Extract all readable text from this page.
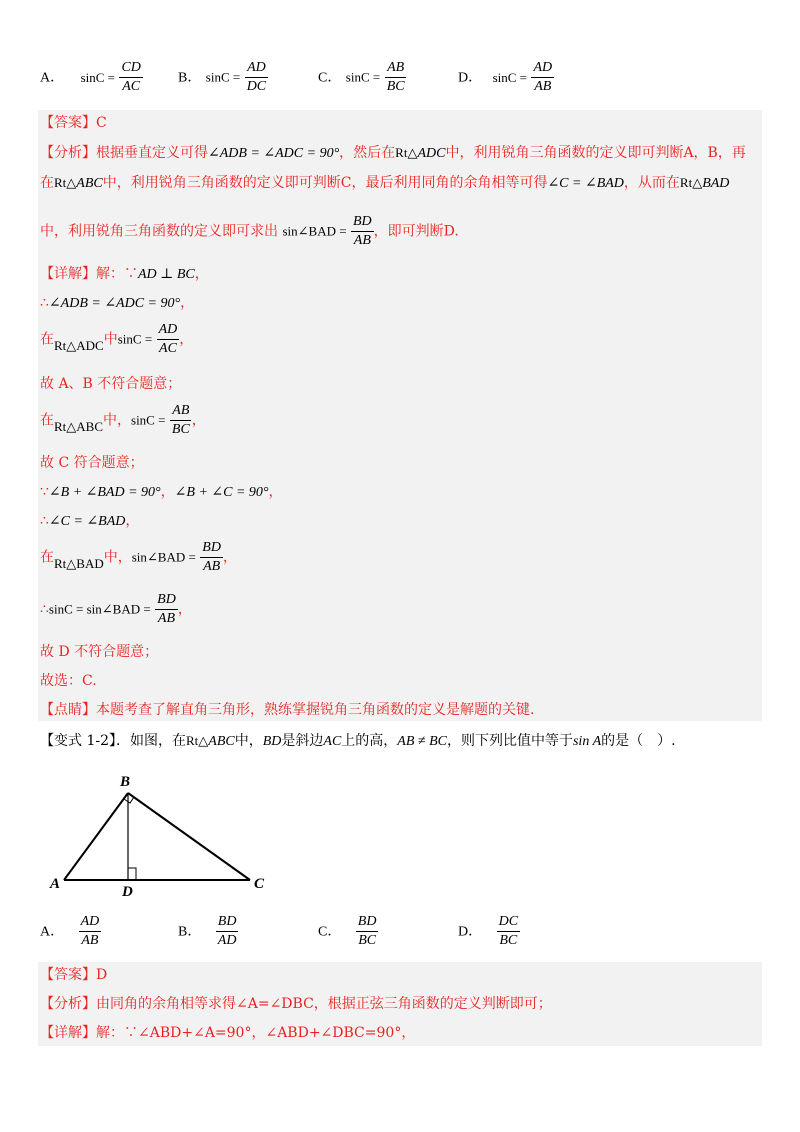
A． $\sin C = \frac{CD}{AC}$	B． $\sin C = \frac{AD}{DC}$	C． $\sin C = \frac{AB}{BC}$	D． $\sin C = \frac{AD}{AB}$
【答案】C
【分析】根据垂直定义可得∠ADB = ∠ADC = 90°，然后在Rt△ADC中，利用锐角三角函数的定义即可判断A，B，再
在Rt△ABC中，利用锐角三角函数的定义即可判断C，最后利用同角的余角相等可得∠C = ∠BAD，从而在Rt△BAD
中，利用锐角三角函数的定义即可求出 sin∠BAD = $\frac{BD}{AB}$ ，即可判断D.
【详解】解：∵AD ⊥ BC，
∴∠ADB = ∠ADC = 90°，
在Rt△ADC中$\sin C = \frac{AD}{AC}$ ，
故 A、B 不符合题意；
在Rt△ABC中，$\sin C = \frac{AB}{BC}$ ，
故 C 符合题意；
∵∠B + ∠BAD = 90°，∠B + ∠C = 90°，
∴∠C = ∠BAD，
在Rt△BAD中，sin∠BAD = $\frac{BD}{AB}$ ，
∴sinC = sin∠BAD = $\frac{BD}{AB}$ ，
故 D 不符合题意；
故选：C.
【点睛】本题考查了解直角三角形，熟练掌握锐角三角函数的定义是解题的关键.
【变式 1-2】．如图，在Rt△ABC中，BD是斜边AC上的高，AB ≠ BC，则下列比值中等于sin A的是（　）.
B
A	D	C
A． $\frac{AD}{AB}$	B． $\frac{BD}{AD}$	C． $\frac{BD}{BC}$	D． $\frac{DC}{BC}$
【答案】D
【分析】由同角的余角相等求得∠A=∠DBC，根据正弦三角函数的定义判断即可；
【详解】解：∵∠ABD+∠A=90°，∠ABD+∠DBC=90°，
